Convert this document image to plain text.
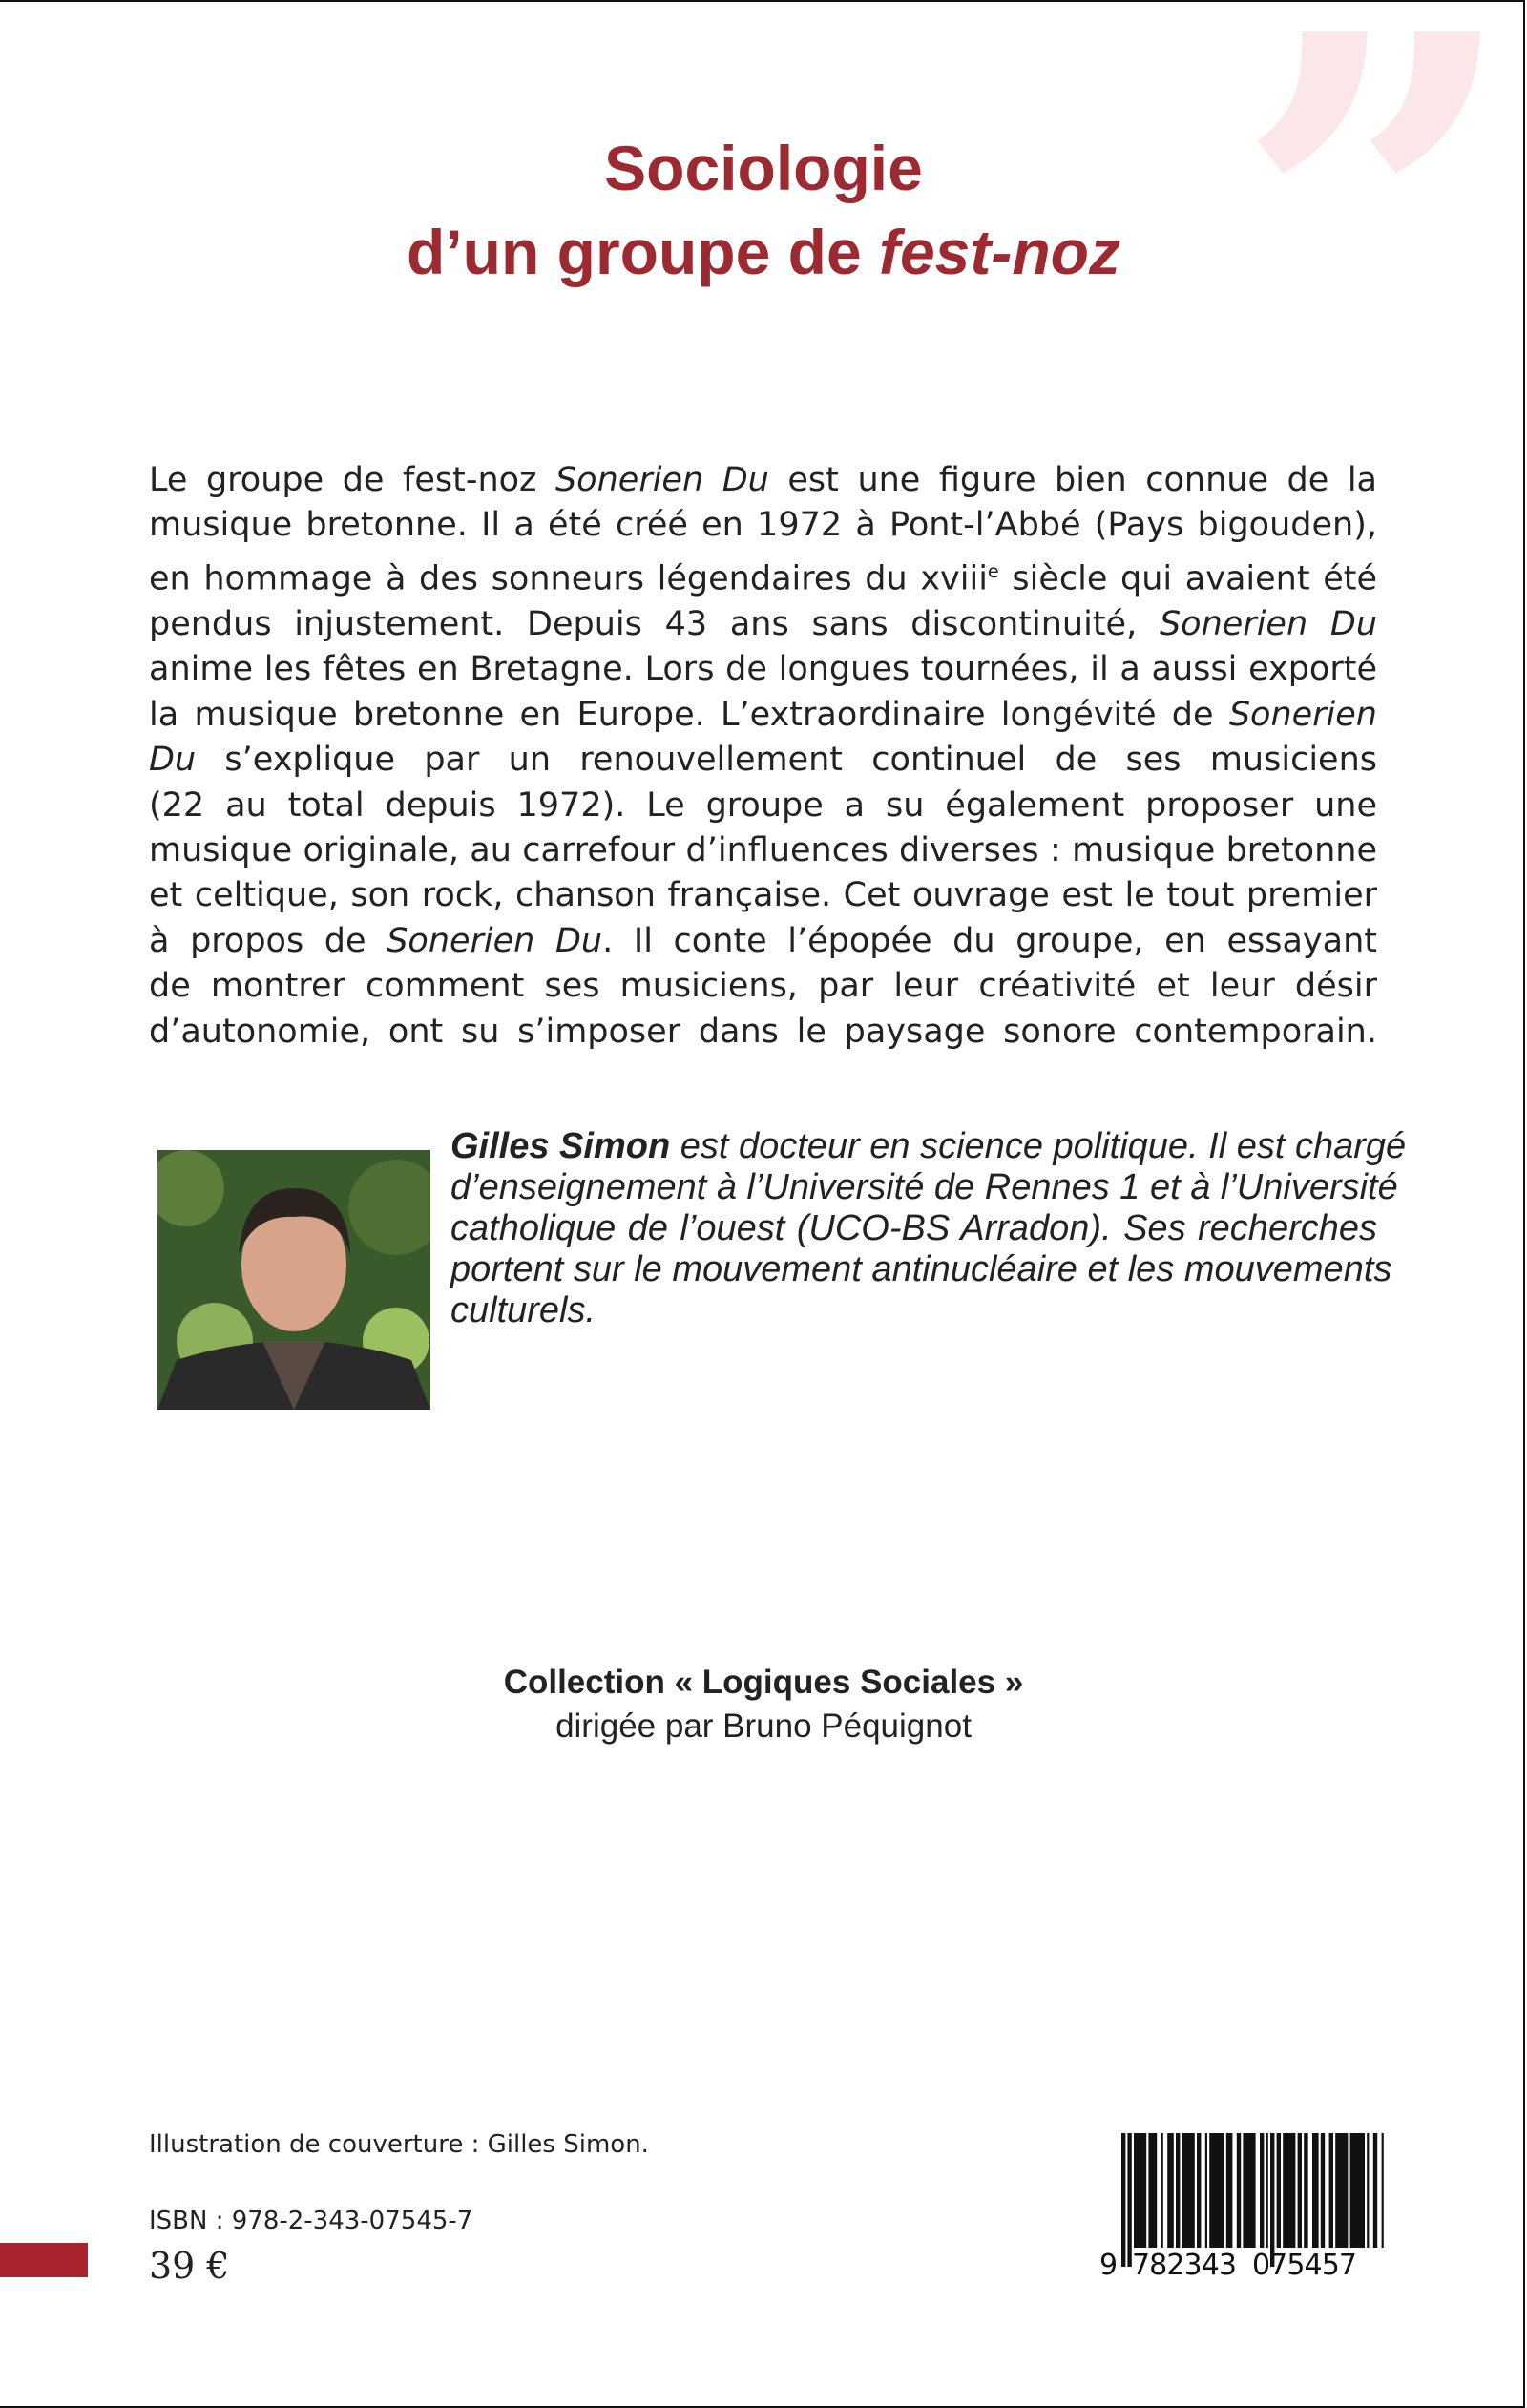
”
Sociologie
d’un groupe de fest-noz
Le groupe de fest-noz Sonerien Du est une figure bien connue de la
musique bretonne. Il a été créé en 1972 à Pont-l’Abbé (Pays bigouden),
en hommage à des sonneurs légendaires du xviii$^e$ siècle qui avaient été
pendus injustement. Depuis 43 ans sans discontinuité, Sonerien Du
anime les fêtes en Bretagne. Lors de longues tournées, il a aussi exporté
la musique bretonne en Europe. L’extraordinaire longévité de Sonerien
Du s’explique par un renouvellement continuel de ses musiciens
(22 au total depuis 1972). Le groupe a su également proposer une
musique originale, au carrefour d’influences diverses : musique bretonne
et celtique, son rock, chanson française. Cet ouvrage est le tout premier
à propos de Sonerien Du. Il conte l’épopée du groupe, en essayant
de montrer comment ses musiciens, par leur créativité et leur désir
d’autonomie, ont su s’imposer dans le paysage sonore contemporain.
Gilles Simon est docteur en science politique. Il est chargé
d’enseignement à l’Université de Rennes 1 et à l’Université
catholique de l’ouest (UCO-BS Arradon). Ses recherches
portent sur le mouvement antinucléaire et les mouvements
culturels.
Collection « Logiques Sociales »
dirigée par Bruno Péquignot
Illustration de couverture : Gilles Simon.
ISBN : 978-2-343-07545-7
39 €	9 782343 075457
